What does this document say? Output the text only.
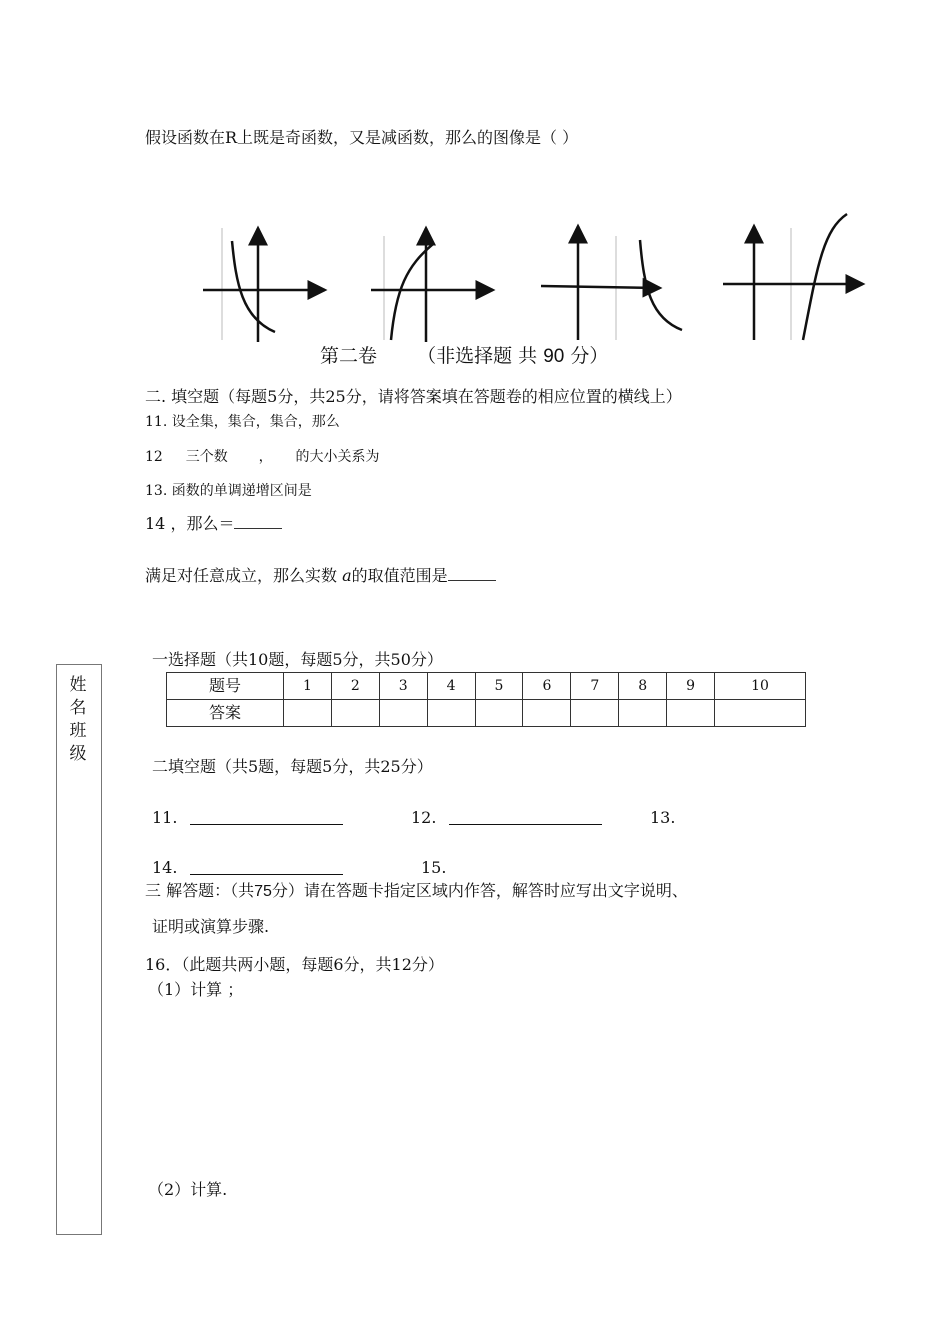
假设函数在R上既是奇函数，又是减函数，那么的图像是（ ）
第二卷 （非选择题 共 90 分）
二. 填空题（每题5分，共25分，请将答案填在答题卷的相应位置的横线上）
11. 设全集，集合，集合，那么
12 三个数 ， 的大小关系为
13. 函数的单调递增区间是
14 ，那么＝
满足对任意成立，那么实数 a的取值范围是
姓名班级
一选择题（共10题，每题5分，共50分）
题号	1	2	3	4	5	6	7	8	9	10
答案										
二填空题（共5题，每题5分，共25分）
11.	12.	13.
14.	15.
三 解答题：（共75分）请在答题卡指定区域内作答，解答时应写出文字说明、
证明或演算步骤.
16．（此题共两小题，每题6分，共12分）
（1）计算 ；
（2）计算.
